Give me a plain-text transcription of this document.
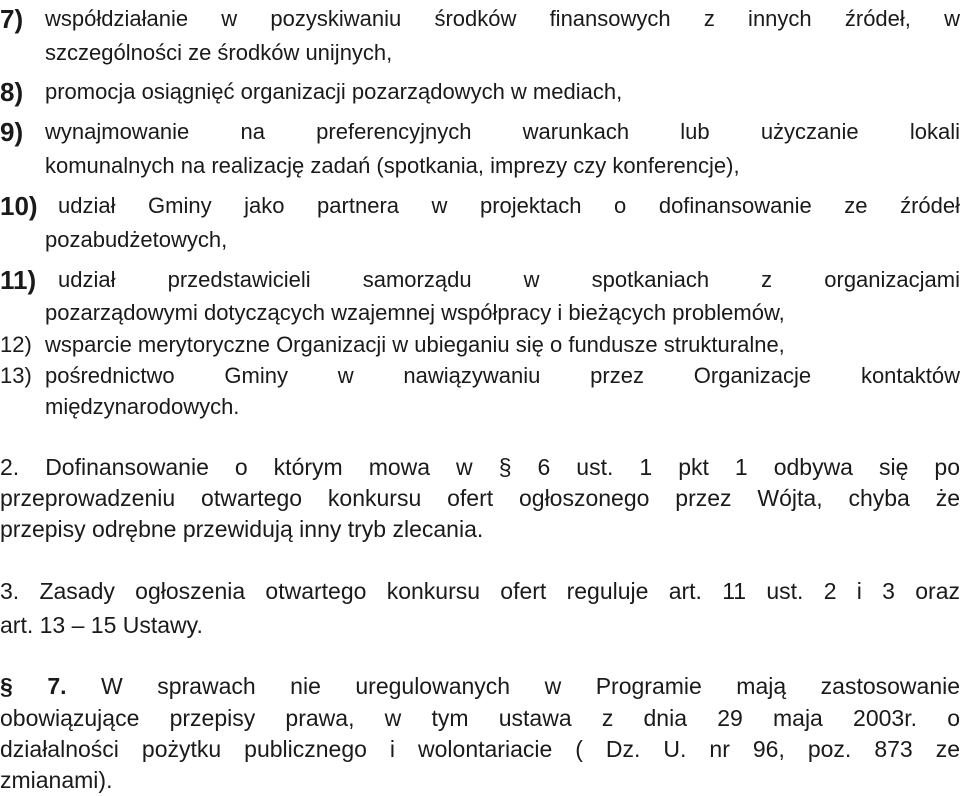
7) współdziałanie w pozyskiwaniu środków finansowych z innych źródeł, w
szczególności ze środków unijnych,
8) promocja osiągnięć organizacji pozarządowych w mediach,
9) wynajmowanie na preferencyjnych warunkach lub użyczanie lokali
komunalnych na realizację zadań (spotkania, imprezy czy konferencje),
10) udział Gminy jako partnera w projektach o dofinansowanie ze źródeł
pozabudżetowych,
11) udział przedstawicieli samorządu w spotkaniach z organizacjami
pozarządowymi dotyczących wzajemnej współpracy i bieżących problemów,
12) wsparcie merytoryczne Organizacji w ubieganiu się o fundusze strukturalne,
13) pośrednictwo Gminy w nawiązywaniu przez Organizacje kontaktów
międzynarodowych.
2. Dofinansowanie o którym mowa w § 6 ust. 1 pkt 1 odbywa się po
przeprowadzeniu otwartego konkursu ofert ogłoszonego przez Wójta, chyba że
przepisy odrębne przewidują inny tryb zlecania.
3. Zasady ogłoszenia otwartego konkursu ofert reguluje art. 11 ust. 2 i 3 oraz
art. 13 – 15 Ustawy.
§ 7. W sprawach nie uregulowanych w Programie mają zastosowanie
obowiązujące przepisy prawa, w tym ustawa z dnia 29 maja 2003r. o
działalności pożytku publicznego i wolontariacie ( Dz. U. nr 96, poz. 873 ze
zmianami).
